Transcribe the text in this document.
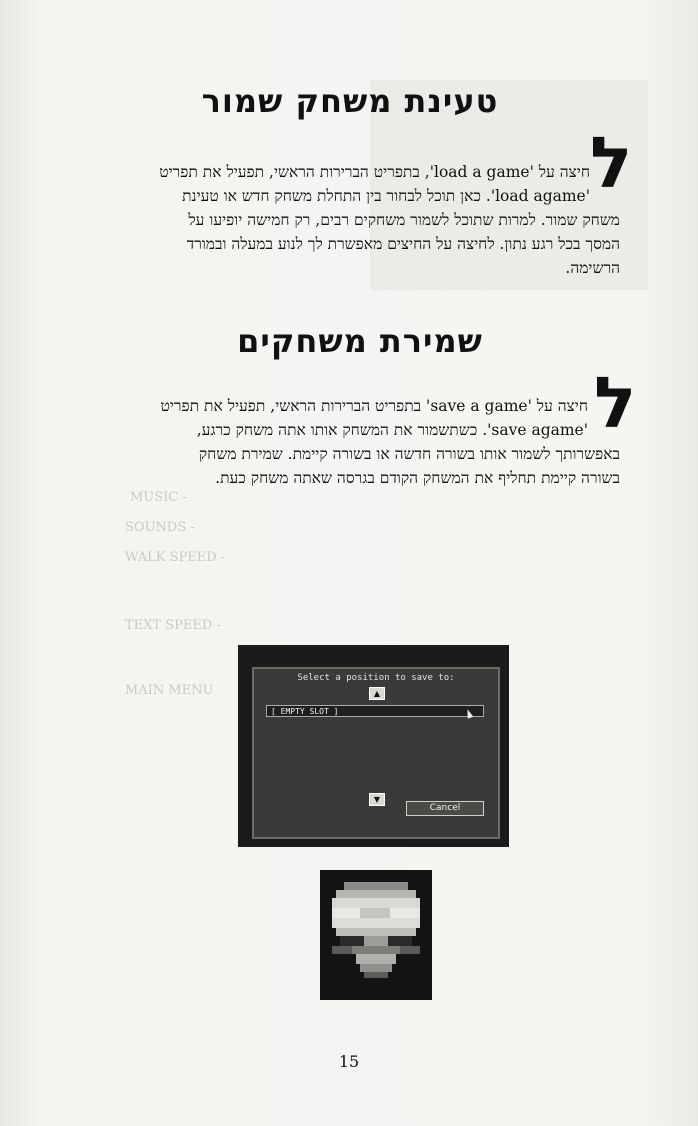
MUSIC -
SOUNDS -
WALK SPEED -
TEXT SPEED -
MAIN MENU
טעינת משחק שמור
ל
חיצה על 'load a game', בתפריט הברירות הראשי, תפעיל את תפריט
'load agame'. כאן תוכל לבחור בין התחלת משחק חדש או טעינת
משחק שמור. למרות שתוכל לשמור משחקים רבים, רק חמישה יופיעו על
המסך בכל רגע נתון. לחיצה על החיצים מאפשרת לך לנוע במעלה ובמורד
הרשימה.
שמירת משחקים
ל
חיצה על 'save a game' בתפריט הברירות הראשי, תפעיל את תפריט
'save agame'. כשתשמור את המשחק אותו אתה משחק כרגע,
באפשרותך לשמור אותו בשורה חדשה או בשורה קיימת. שמירת משחק
בשורה קיימת תחליף את המשחק הקודם בגרסה שאתה משחק כעת.
Select a position to save to:
▲
[ EMPTY SLOT ]
▼
Cancel
15
